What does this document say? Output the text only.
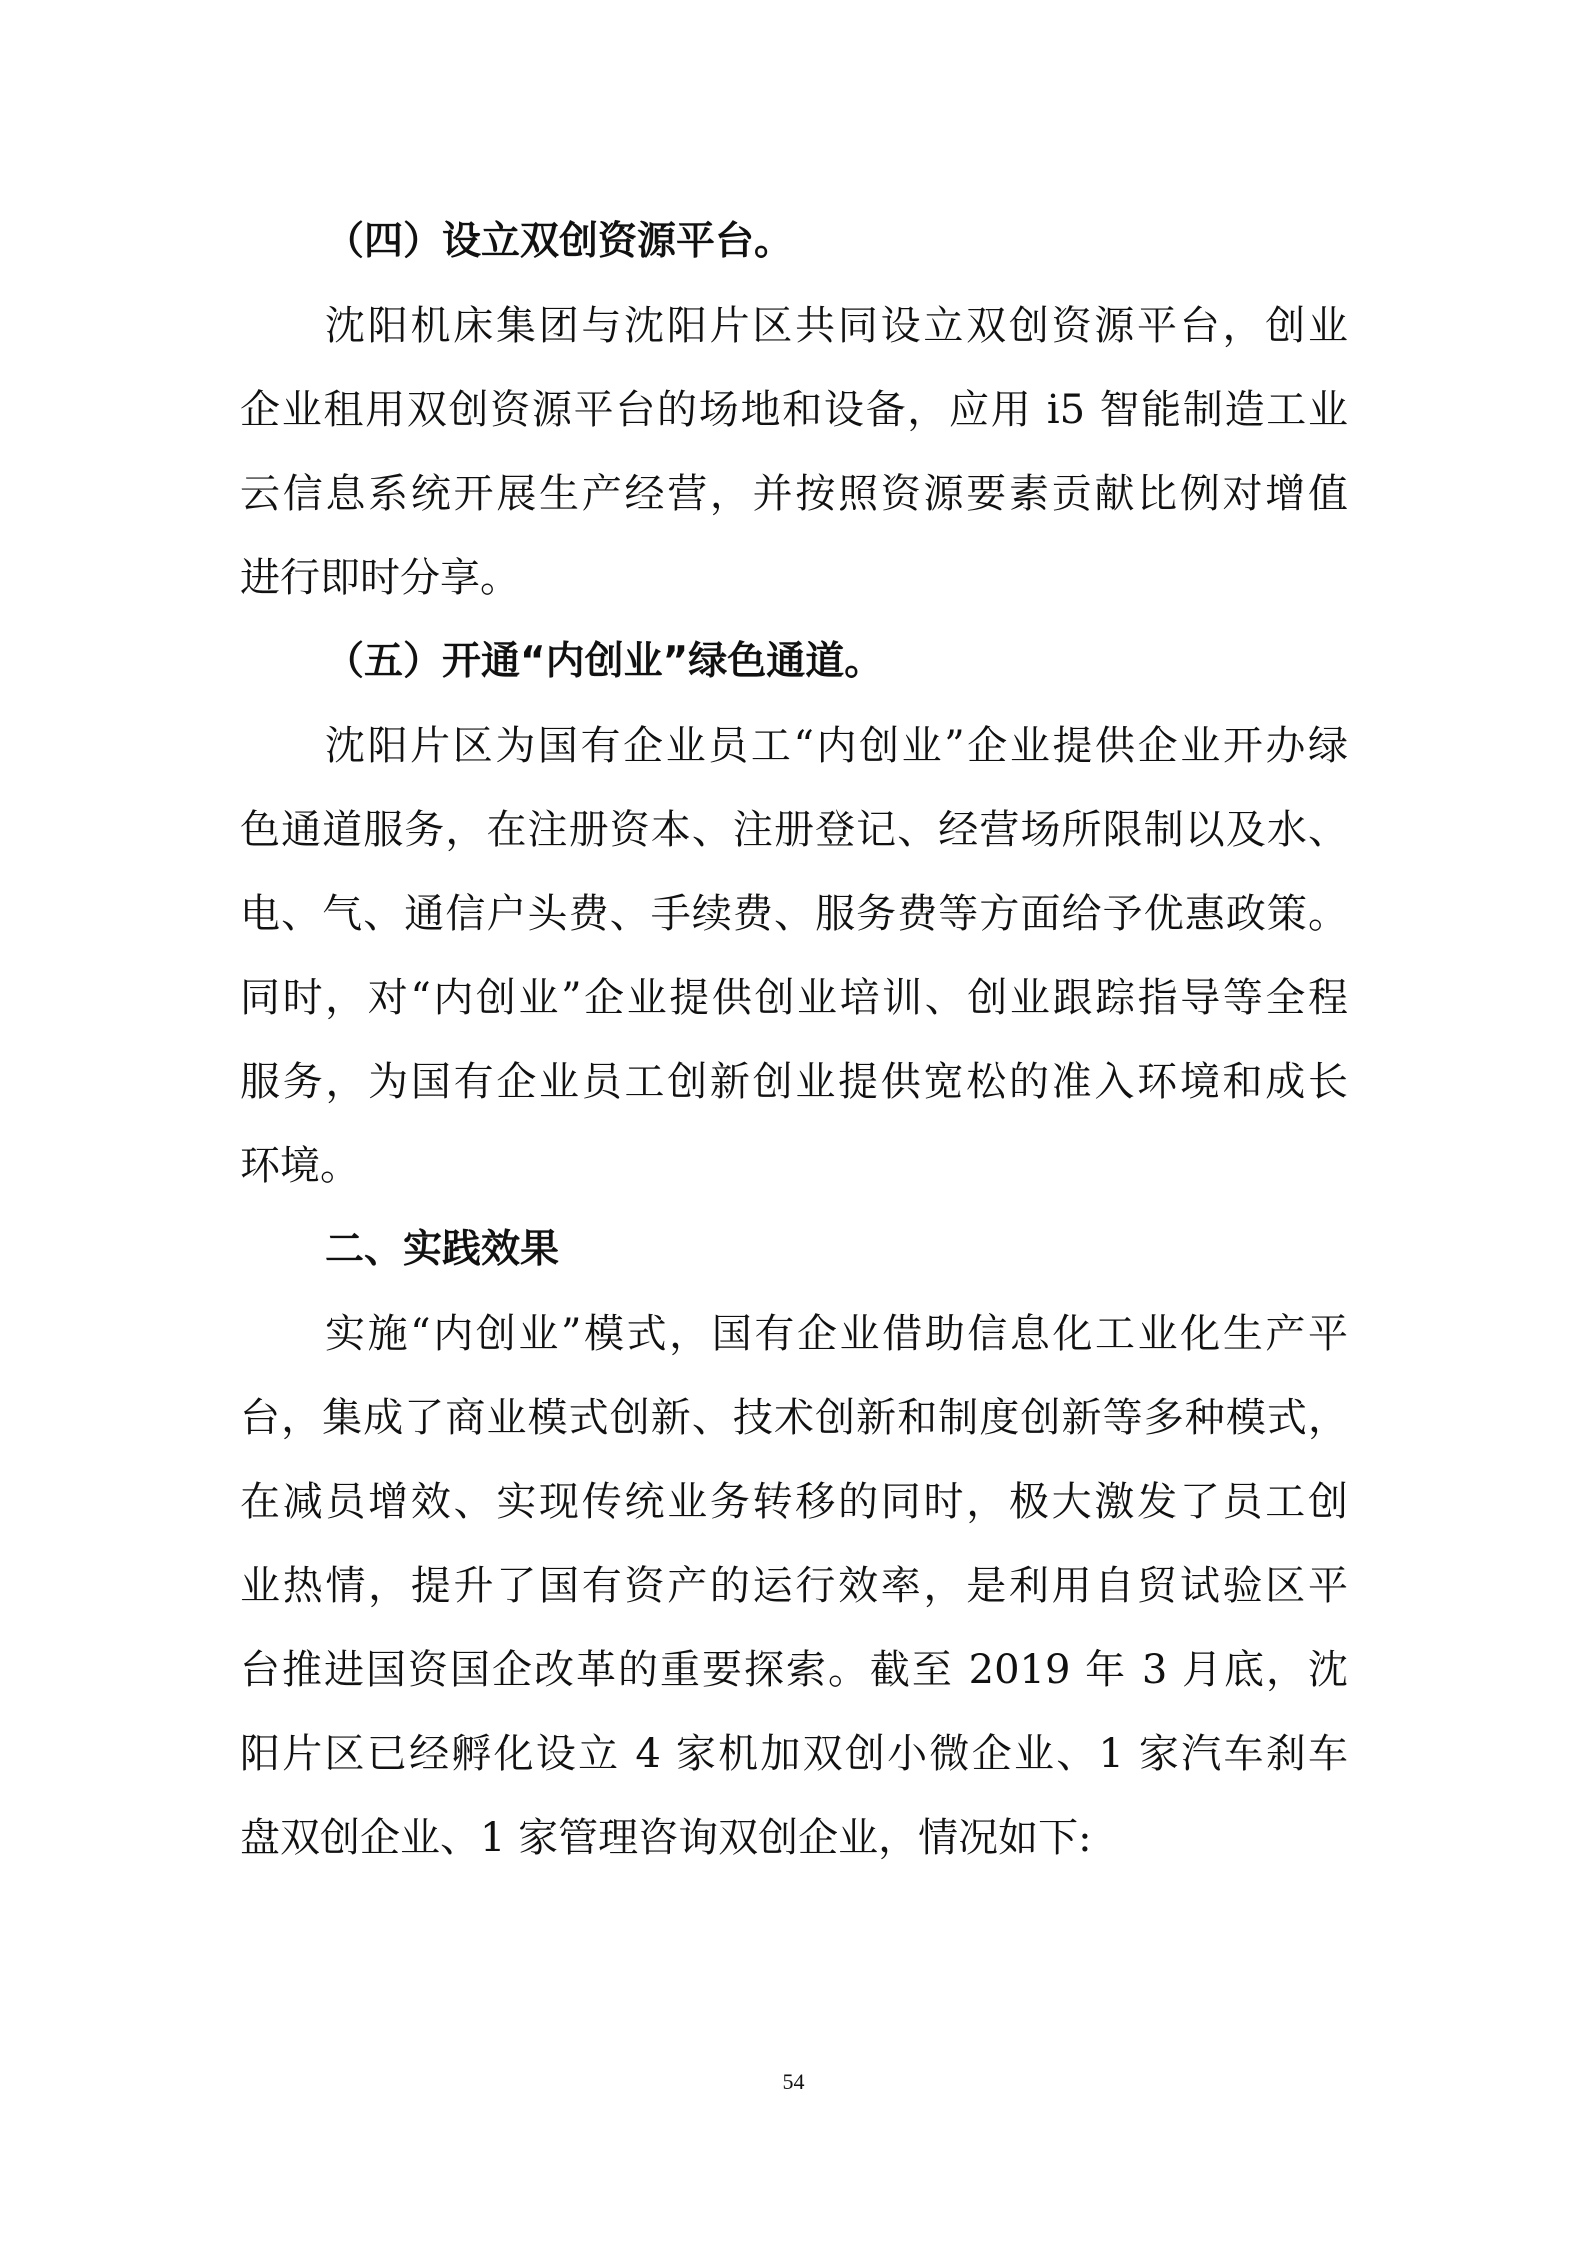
（四）设立双创资源平台。
沈阳机床集团与沈阳片区共同设立双创资源平台，创业
企业租用双创资源平台的场地和设备，应用 i5 智能制造工业
云信息系统开展生产经营，并按照资源要素贡献比例对增值
进行即时分享。
（五）开通“内创业”绿色通道。
沈阳片区为国有企业员工“内创业”企业提供企业开办绿
色通道服务，在注册资本、注册登记、经营场所限制以及水、
电、气、通信户头费、手续费、服务费等方面给予优惠政策。
同时，对“内创业”企业提供创业培训、创业跟踪指导等全程
服务，为国有企业员工创新创业提供宽松的准入环境和成长
环境。
二、实践效果
实施“内创业”模式，国有企业借助信息化工业化生产平
台，集成了商业模式创新、技术创新和制度创新等多种模式，
在减员增效、实现传统业务转移的同时，极大激发了员工创
业热情，提升了国有资产的运行效率，是利用自贸试验区平
台推进国资国企改革的重要探索。截至 2019 年 3 月底，沈
阳片区已经孵化设立 4 家机加双创小微企业、1 家汽车刹车
盘双创企业、1 家管理咨询双创企业，情况如下:
54
